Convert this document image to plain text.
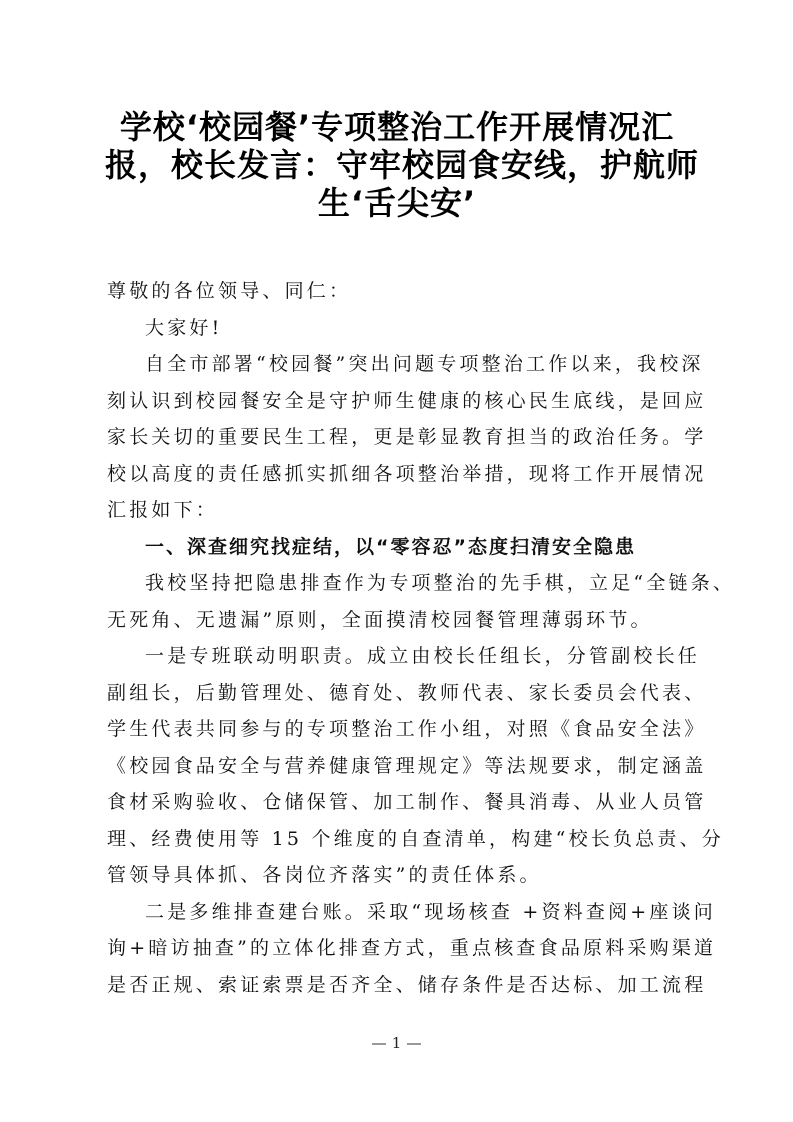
学校‘校园餐’专项整治工作开展情况汇
报，校长发言：守牢校园食安线，护航师
生‘舌尖安’
尊敬的各位领导、同仁：
大家好!
自全市部署“校园餐”突出问题专项整治工作以来，我校深
刻认识到校园餐安全是守护师生健康的核心民生底线，是回应
家长关切的重要民生工程，更是彰显教育担当的政治任务。学
校以高度的责任感抓实抓细各项整治举措，现将工作开展情况
汇报如下：
一、深查细究找症结，以“零容忍”态度扫清安全隐患
我校坚持把隐患排查作为专项整治的先手棋，立足“全链条、
无死角、无遗漏”原则，全面摸清校园餐管理薄弱环节。
一是专班联动明职责。成立由校长任组长，分管副校长任
副组长，后勤管理处、德育处、教师代表、家长委员会代表、
学生代表共同参与的专项整治工作小组，对照《食品安全法》
《校园食品安全与营养健康管理规定》等法规要求，制定涵盖
食材采购验收、仓储保管、加工制作、餐具消毒、从业人员管
理、经费使用等 15 个维度的自查清单，构建“校长负总责、分
管领导具体抓、各岗位齐落实”的责任体系。
二是多维排查建台账。采取“现场核查 +资料查阅+座谈问
询+暗访抽查”的立体化排查方式，重点核查食品原料采购渠道
是否正规、索证索票是否齐全、储存条件是否达标、加工流程
1
